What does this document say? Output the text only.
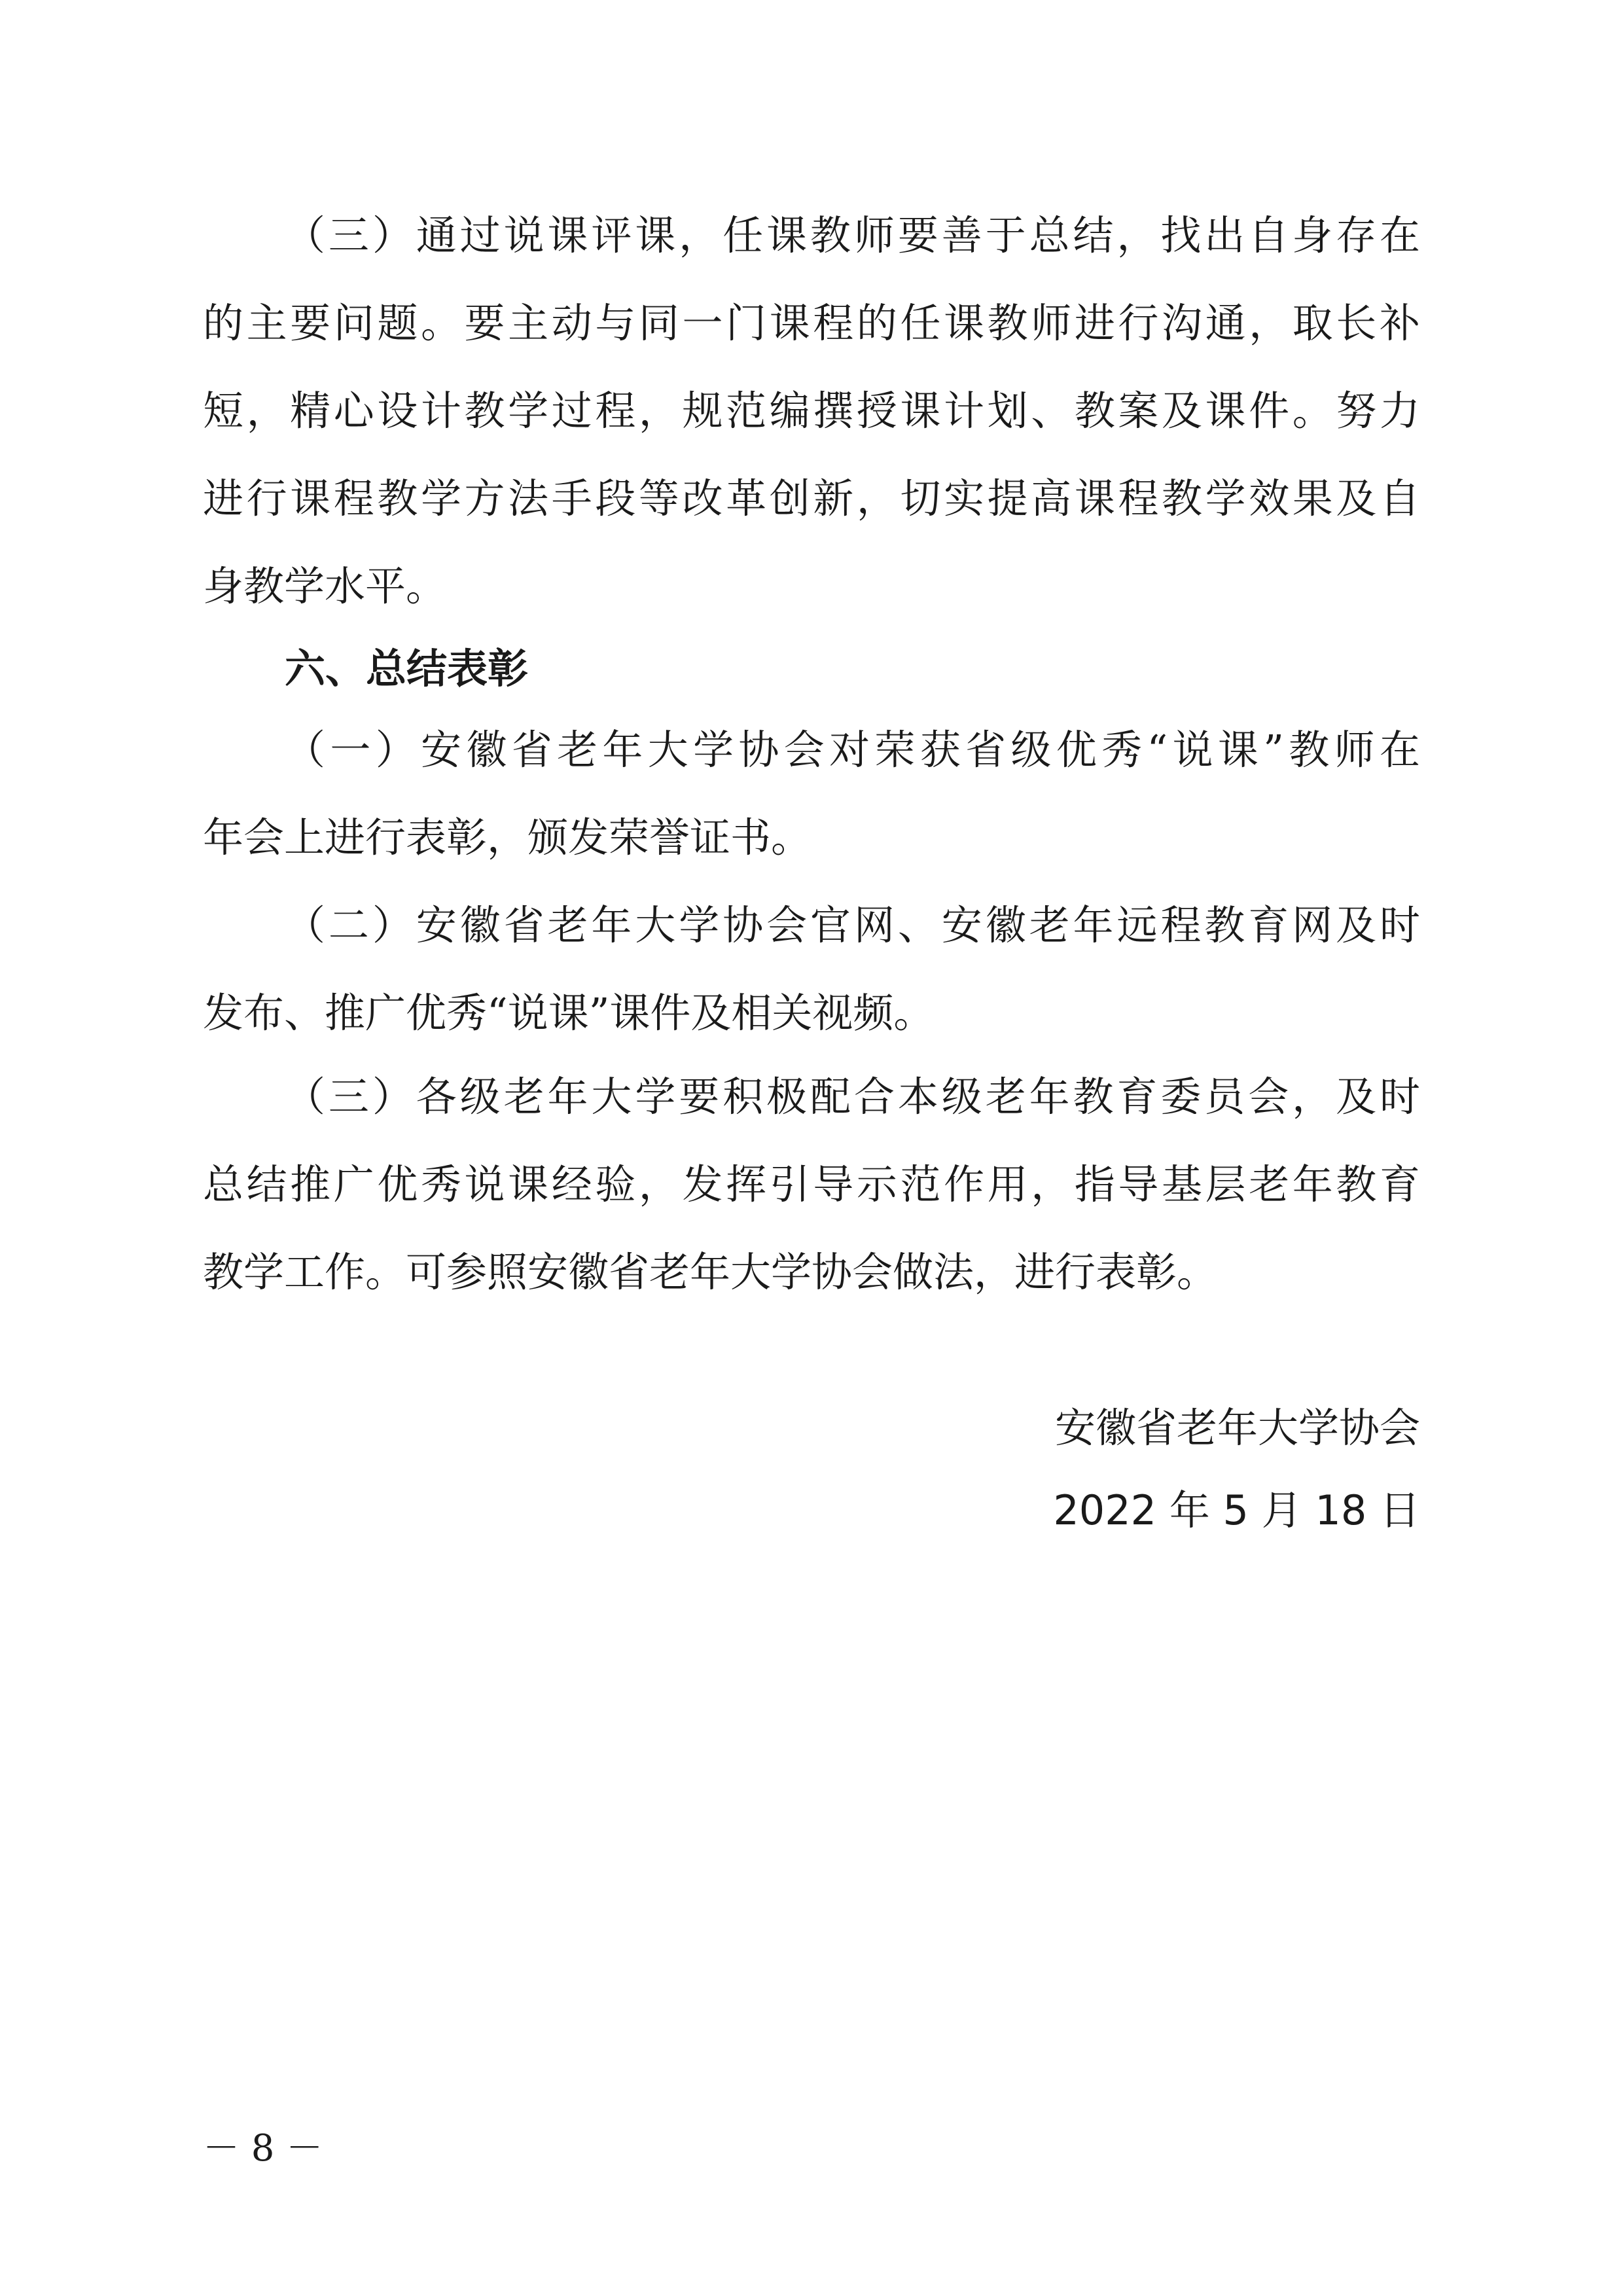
（三）通过说课评课，任课教师要善于总结，找出自身存在
的主要问题。要主动与同一门课程的任课教师进行沟通，取长补
短，精心设计教学过程，规范编撰授课计划、教案及课件。努力
进行课程教学方法手段等改革创新，切实提高课程教学效果及自
身教学水平。
六、总结表彰
（一）安徽省老年大学协会对荣获省级优秀“说课”教师在
年会上进行表彰，颁发荣誉证书。
（二）安徽省老年大学协会官网、安徽老年远程教育网及时
发布、推广优秀“说课”课件及相关视频。
（三）各级老年大学要积极配合本级老年教育委员会，及时
总结推广优秀说课经验，发挥引导示范作用，指导基层老年教育
教学工作。可参照安徽省老年大学协会做法，进行表彰。
安徽省老年大学协会
2022 年 5 月 18 日
－ 8 －
